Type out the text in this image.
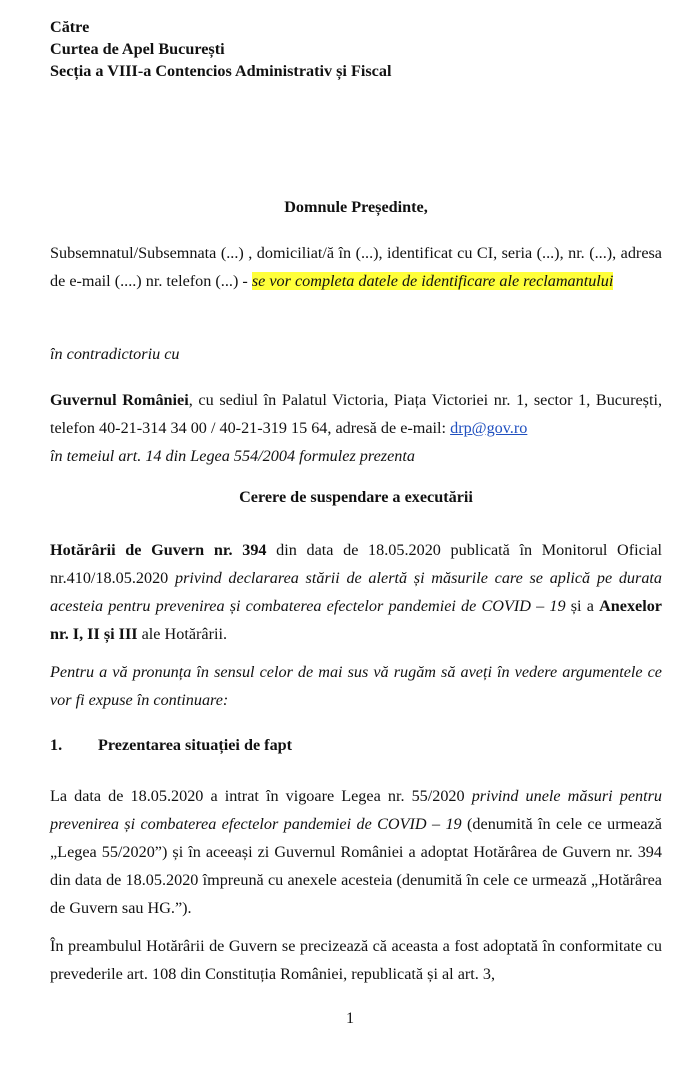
Către
Curtea de Apel București
Secția a VIII-a Contencios Administrativ și Fiscal
Domnule Președinte,
Subsemnatul/Subsemnata (...) , domiciliat/ă în (...), identificat cu CI, seria (...), nr. (...), adresa de e-mail (....) nr. telefon (...) - se vor completa datele de identificare ale reclamantului
în contradictoriu cu
Guvernul României, cu sediul în Palatul Victoria, Piața Victoriei nr. 1, sector 1, București, telefon 40-21-314 34 00 / 40-21-319 15 64, adresă de e-mail: drp@gov.ro
în temeiul art. 14 din Legea 554/2004 formulez prezenta
Cerere de suspendare a executării
Hotărârii de Guvern nr. 394 din data de 18.05.2020 publicată în Monitorul Oficial nr.410/18.05.2020 privind declararea stării de alertă și măsurile care se aplică pe durata acesteia pentru prevenirea și combaterea efectelor pandemiei de COVID – 19 și a Anexelor nr. I, II și III ale Hotărârii.
Pentru a vă pronunța în sensul celor de mai sus vă rugăm să aveți în vedere argumentele ce vor fi expuse în continuare:
1. Prezentarea situației de fapt
La data de 18.05.2020 a intrat în vigoare Legea nr. 55/2020 privind unele măsuri pentru prevenirea și combaterea efectelor pandemiei de COVID – 19 (denumită în cele ce urmează „Legea 55/2020”) și în aceeași zi Guvernul României a adoptat Hotărârea de Guvern nr. 394 din data de 18.05.2020 împreună cu anexele acesteia (denumită în cele ce urmează „Hotărârea de Guvern sau HG.”).
În preambulul Hotărârii de Guvern se precizează că aceasta a fost adoptată în conformitate cu prevederile art. 108 din Constituția României, republicată și al art. 3,
1
